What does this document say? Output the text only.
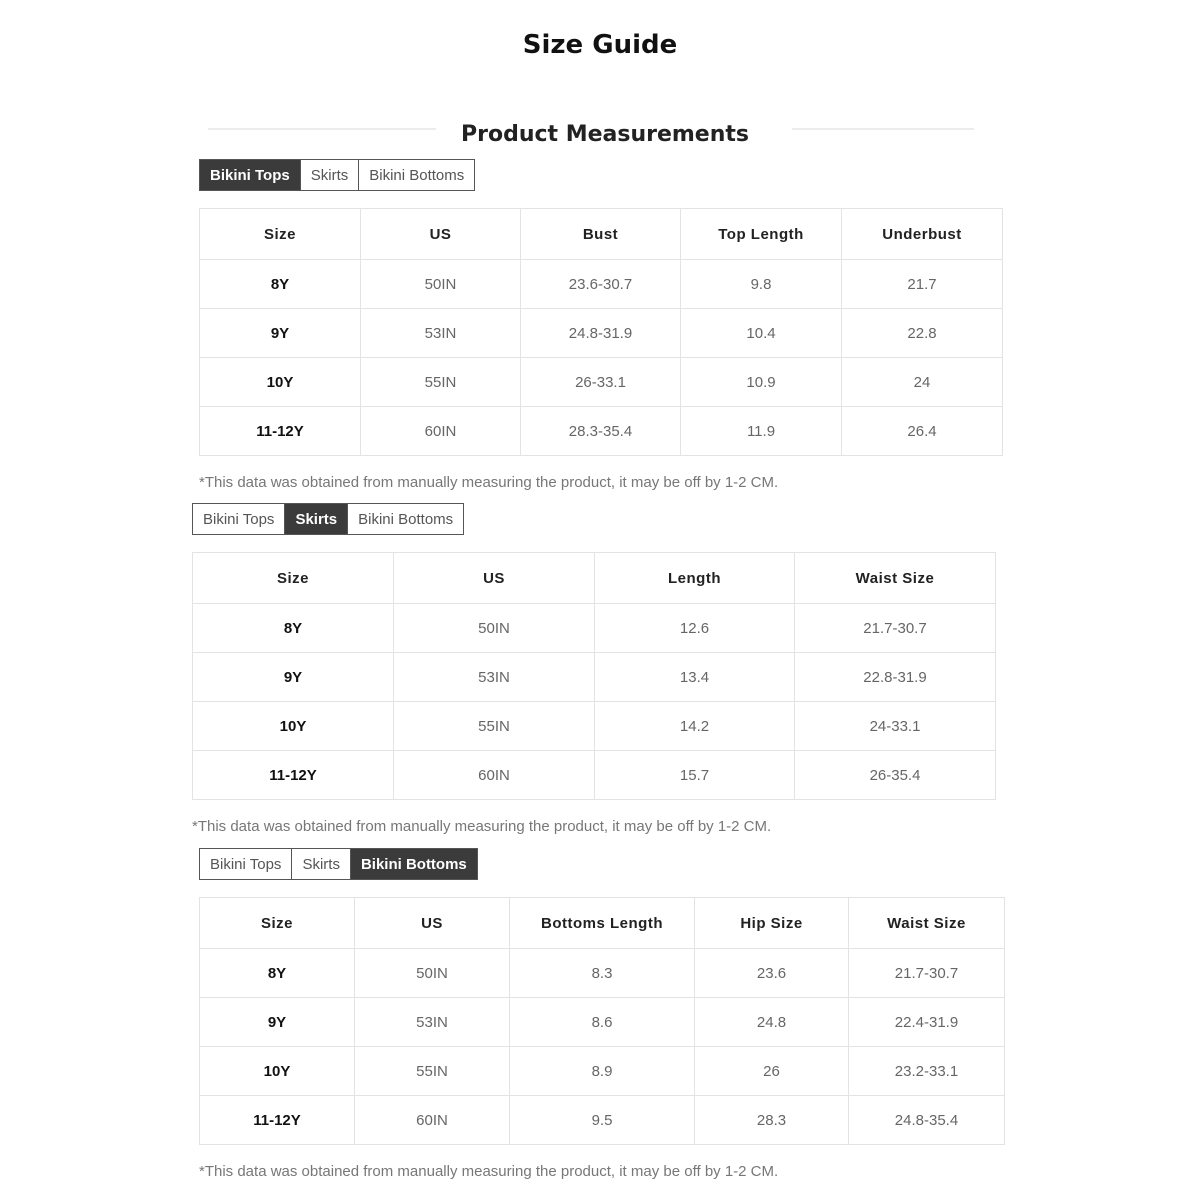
Size Guide
Product Measurements
Bikini Tops	Skirts	Bikini Bottoms
Size	US	Bust	Top Length	Underbust
8Y	50IN	23.6-30.7	9.8	21.7
9Y	53IN	24.8-31.9	10.4	22.8
10Y	55IN	26-33.1	10.9	24
11-12Y	60IN	28.3-35.4	11.9	26.4
*This data was obtained from manually measuring the product, it may be off by 1-2 CM.
Bikini Tops	Skirts	Bikini Bottoms
Size	US	Length	Waist Size
8Y	50IN	12.6	21.7-30.7
9Y	53IN	13.4	22.8-31.9
10Y	55IN	14.2	24-33.1
11-12Y	60IN	15.7	26-35.4
*This data was obtained from manually measuring the product, it may be off by 1-2 CM.
Bikini Tops	Skirts	Bikini Bottoms
Size	US	Bottoms Length	Hip Size	Waist Size
8Y	50IN	8.3	23.6	21.7-30.7
9Y	53IN	8.6	24.8	22.4-31.9
10Y	55IN	8.9	26	23.2-33.1
11-12Y	60IN	9.5	28.3	24.8-35.4
*This data was obtained from manually measuring the product, it may be off by 1-2 CM.
